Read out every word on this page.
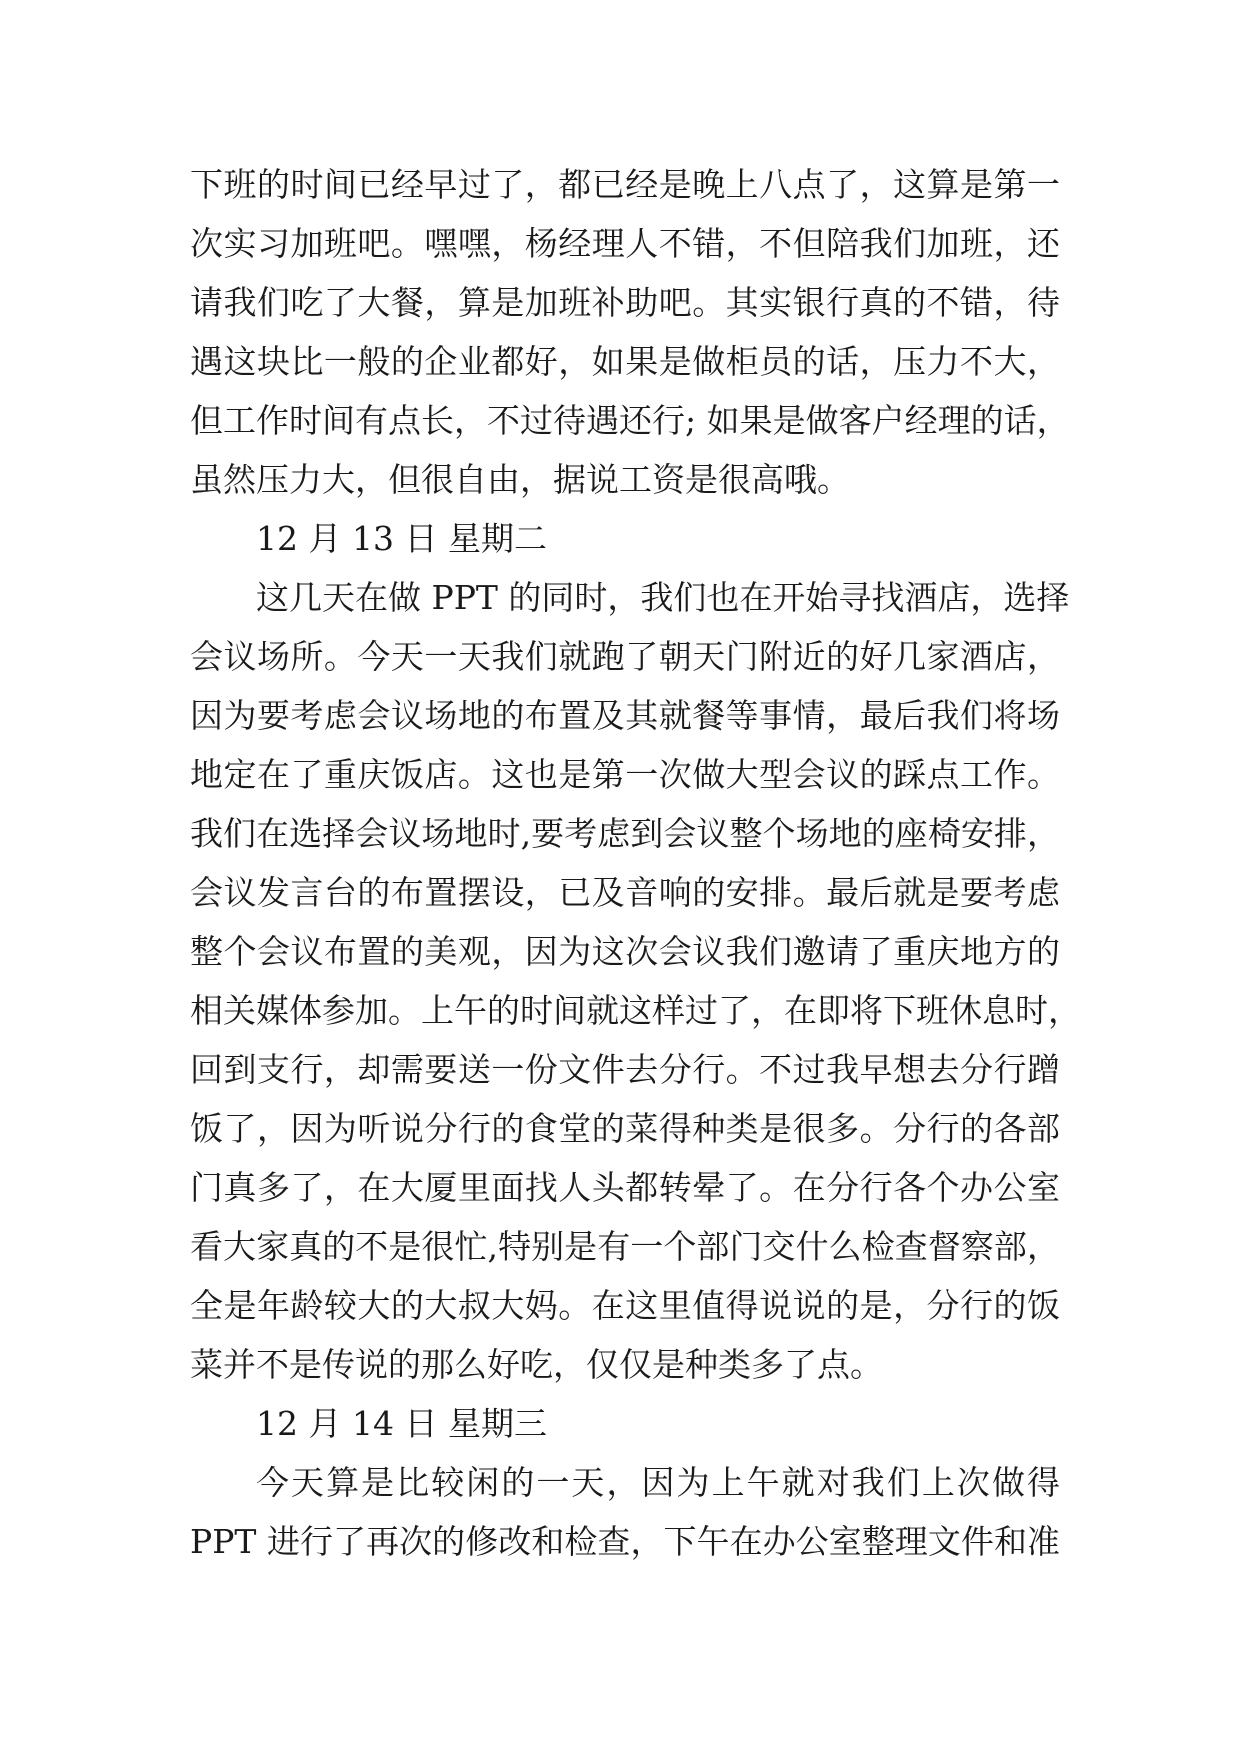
下班的时间已经早过了，都已经是晚上八点了，这算是第一
次实习加班吧。嘿嘿，杨经理人不错，不但陪我们加班，还
请我们吃了大餐，算是加班补助吧。其实银行真的不错，待
遇这块比一般的企业都好，如果是做柜员的话，压力不大，
但工作时间有点长，不过待遇还行; 如果是做客户经理的话，
虽然压力大，但很自由，据说工资是很高哦。
12 月 13 日 星期二
这几天在做 PPT 的同时，我们也在开始寻找酒店，选择
会议场所。今天一天我们就跑了朝天门附近的好几家酒店，
因为要考虑会议场地的布置及其就餐等事情，最后我们将场
地定在了重庆饭店。这也是第一次做大型会议的踩点工作。
我们在选择会议场地时,要考虑到会议整个场地的座椅安排，
会议发言台的布置摆设，已及音响的安排。最后就是要考虑
整个会议布置的美观，因为这次会议我们邀请了重庆地方的
相关媒体参加。上午的时间就这样过了，在即将下班休息时，
回到支行，却需要送一份文件去分行。不过我早想去分行蹭
饭了，因为听说分行的食堂的菜得种类是很多。分行的各部
门真多了，在大厦里面找人头都转晕了。在分行各个办公室
看大家真的不是很忙,特别是有一个部门交什么检查督察部，
全是年龄较大的大叔大妈。在这里值得说说的是，分行的饭
菜并不是传说的那么好吃，仅仅是种类多了点。
12 月 14 日 星期三
今天算是比较闲的一天，因为上午就对我们上次做得
PPT 进行了再次的修改和检查，下午在办公室整理文件和准
